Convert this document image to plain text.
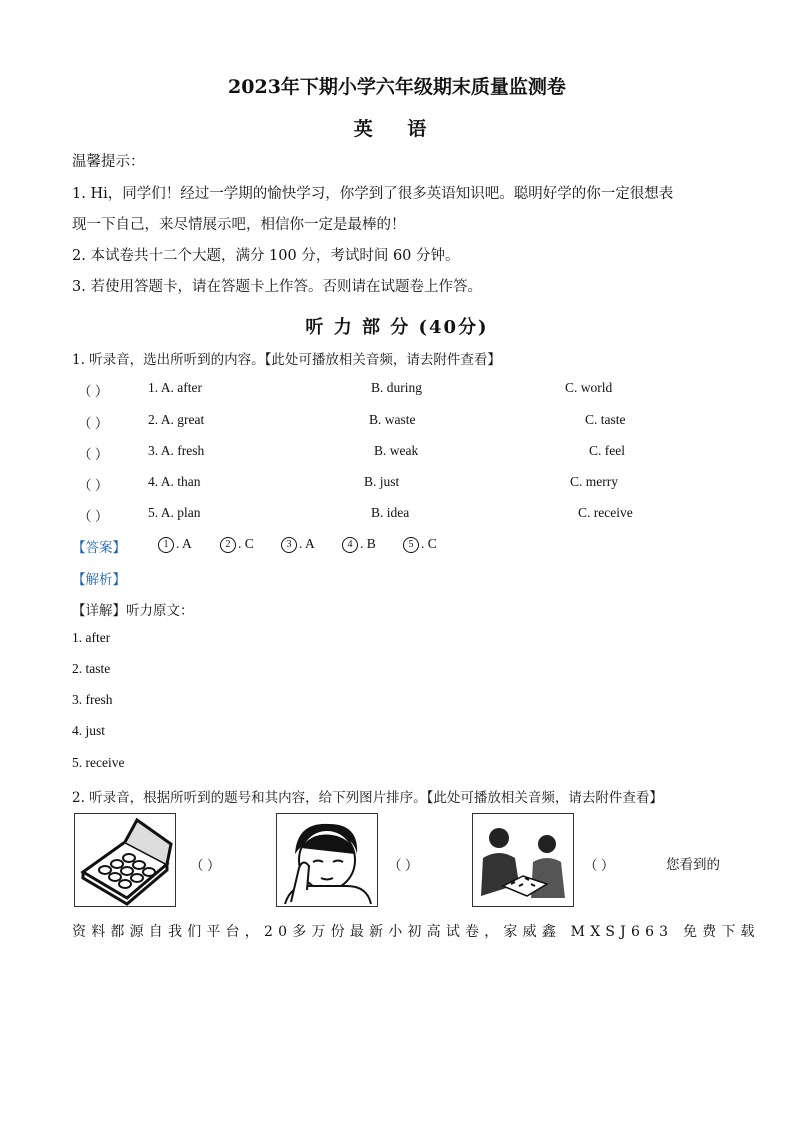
2023年下期小学六年级期末质量监测卷
英 语
温馨提示：
1. Hi，同学们！经过一学期的愉快学习，你学到了很多英语知识吧。聪明好学的你一定很想表
现一下自己，来尽情展示吧，相信你一定是最棒的！
2. 本试卷共十二个大题，满分 100 分，考试时间 60 分钟。
3. 若使用答题卡，请在答题卡上作答。否则请在试题卷上作答。
听 力 部 分 (40分)
1. 听录音，选出所听到的内容。【此处可播放相关音频，请去附件查看】
（ ）	1. A. after	B. during	C. world
（ ）	2. A. great	B. waste	C. taste
（ ）	3. A. fresh	B. weak	C. feel
（ ）	4. A. than	B. just	C. merry
（ ）	5. A. plan	B. idea	C. receive
【答案】	1 . A	2 . C	3 . A	4 . B	5 . C
【解析】
【详解】听力原文：
1. after
2. taste
3. fresh
4. just
5. receive
2. 听录音，根据所听到的题号和其内容，给下列图片排序。【此处可播放相关音频，请去附件查看】
（ ）	（ ）	（ ）	您看到的
资料都源自我们平台，20多万份最新小初高试卷，家威鑫 MXSJ663 免费下载
